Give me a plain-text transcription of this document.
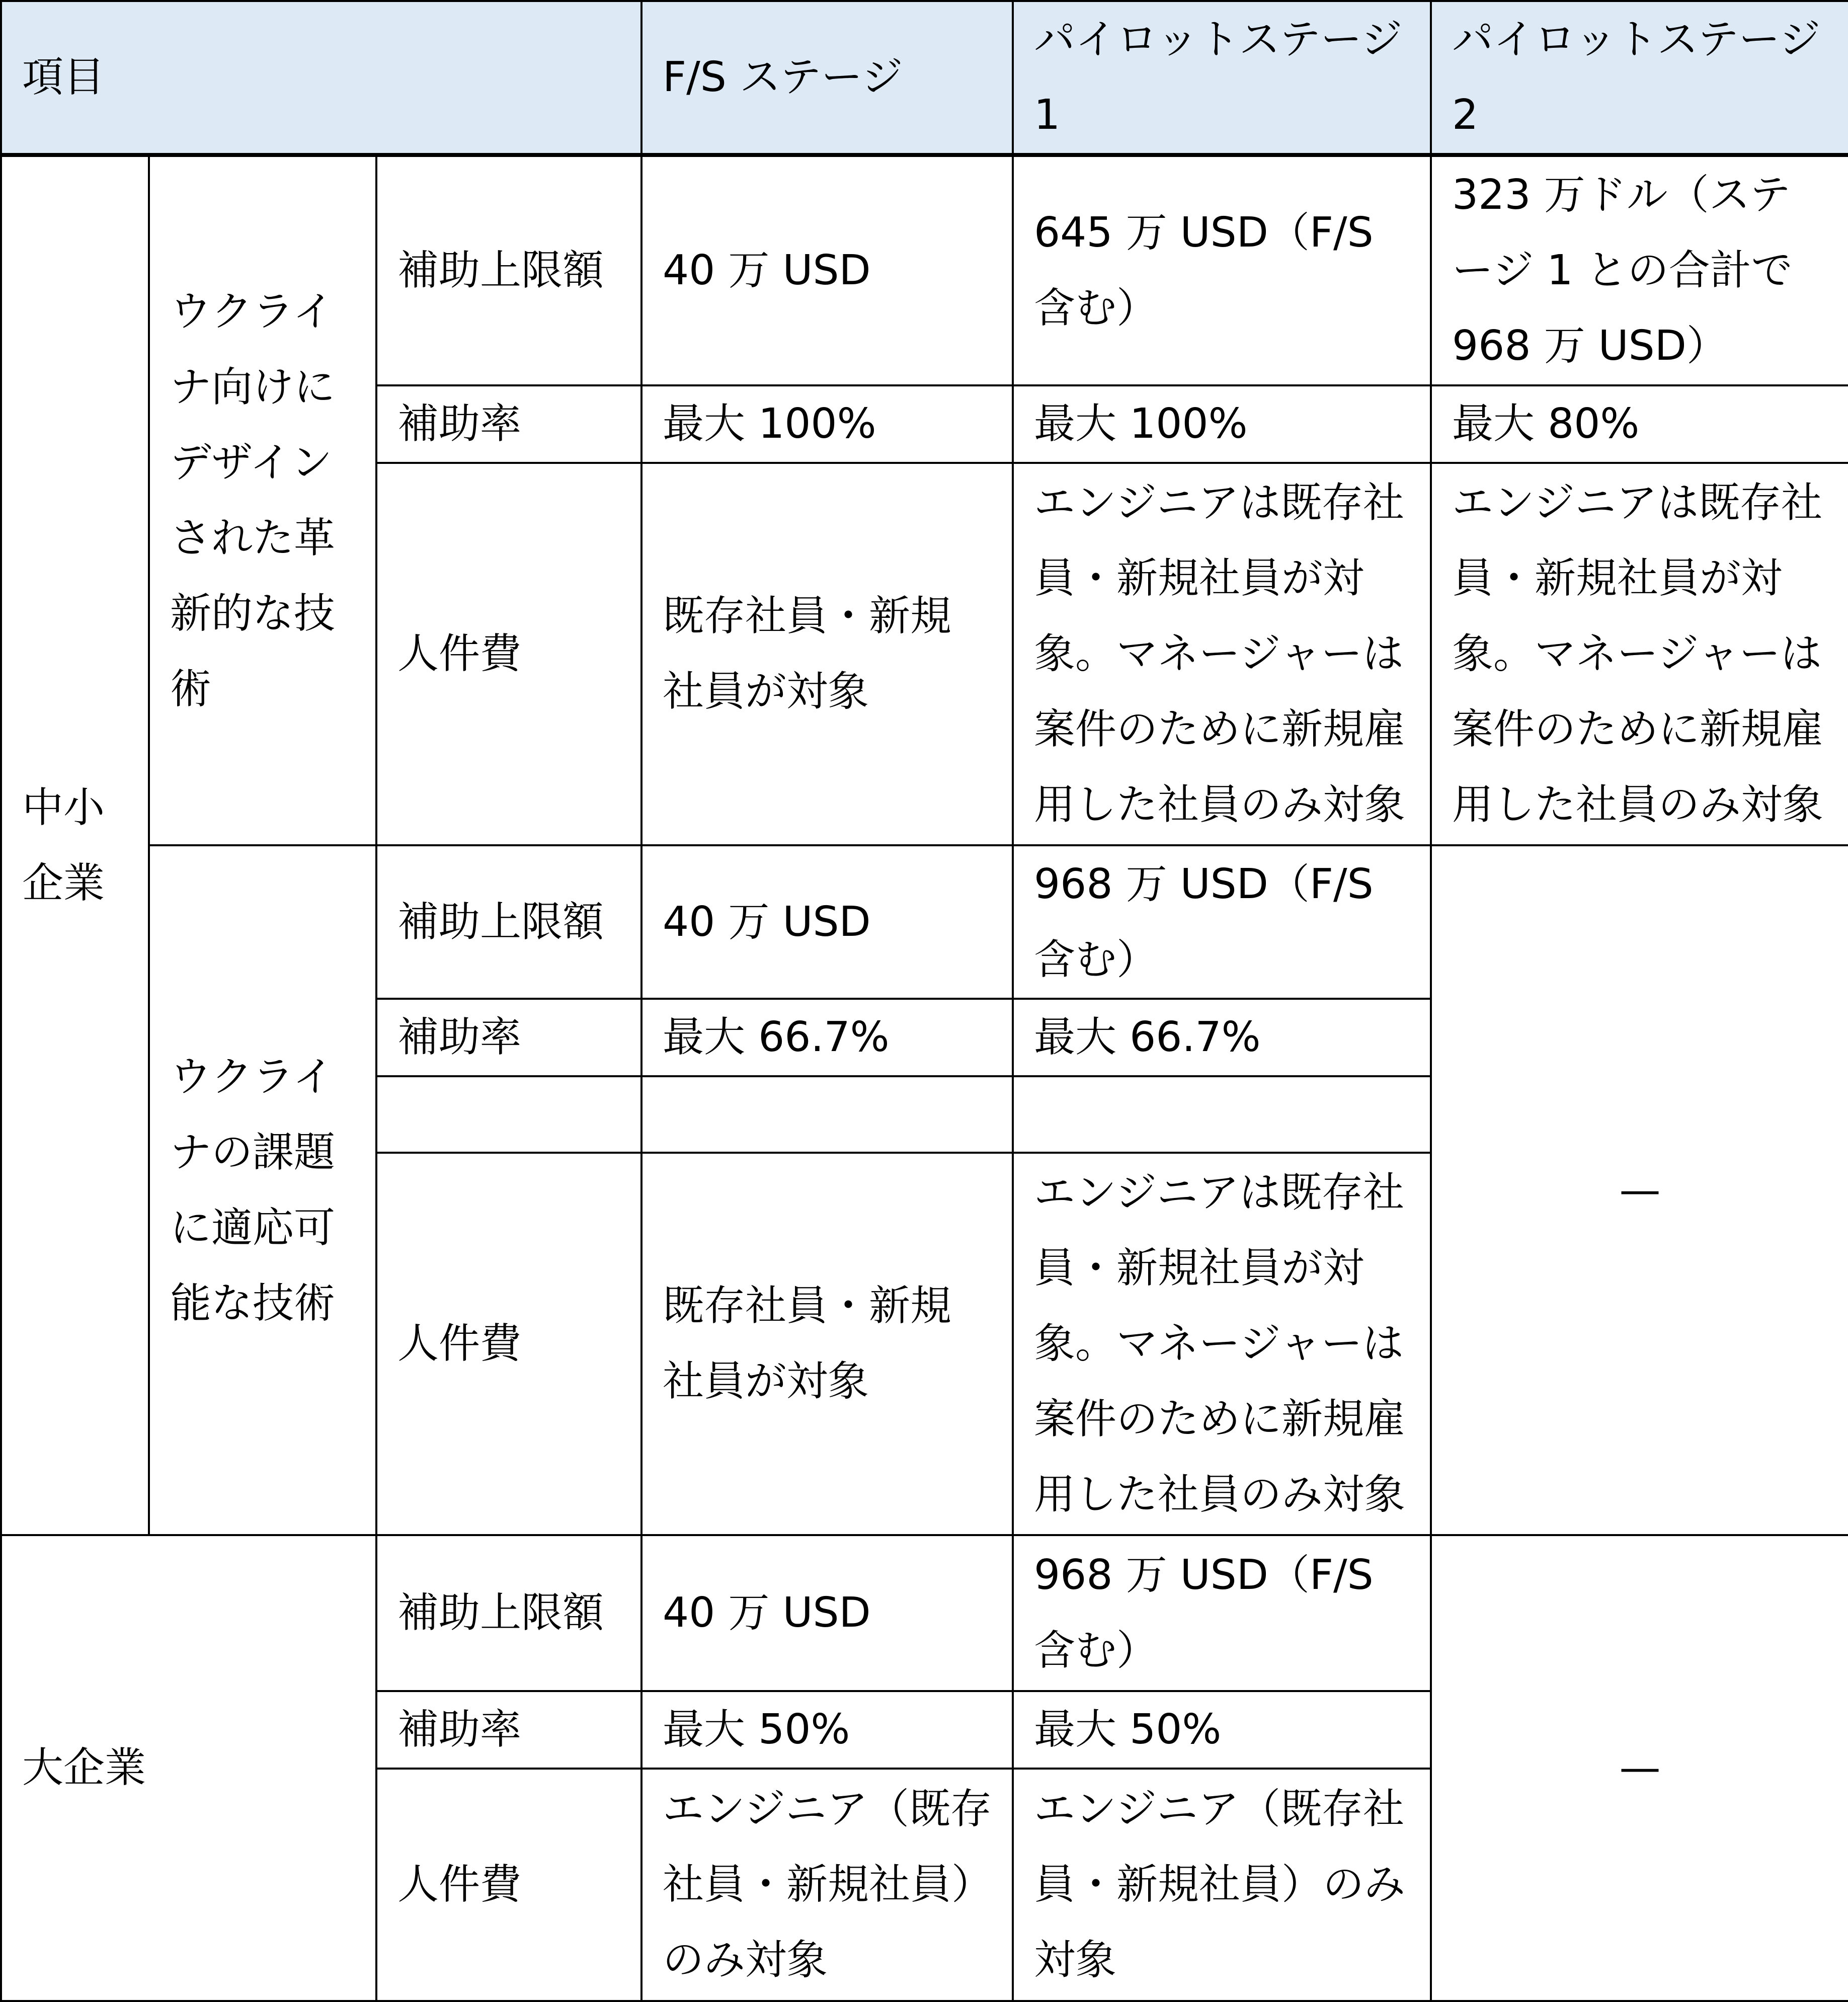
項目			F/S ステージ	パイロットステージ 1	パイロットステージ 2
中小企業	ウクライナ向けにデザインされた革新的な技術	補助上限額	40 万 USD	645 万 USD（F/S 含む）	323 万ドル（ステージ 1 との合計で 968 万 USD）
		補助率	最大 100%	最大 100%	最大 80%
		人件費	既存社員・新規社員が対象	エンジニアは既存社員・新規社員が対象。マネージャーは案件のために新規雇用した社員のみ対象	エンジニアは既存社員・新規社員が対象。マネージャーは案件のために新規雇用した社員のみ対象
	ウクライナの課題に適応可能な技術	補助上限額	40 万 USD	968 万 USD（F/S 含む）	—
		補助率	最大 66.7%	最大 66.7%	

		人件費	既存社員・新規社員が対象	エンジニアは既存社員・新規社員が対象。マネージャーは案件のために新規雇用した社員のみ対象	

大企業		補助上限額	40 万 USD	968 万 USD（F/S 含む）	—
		補助率	最大 50%	最大 50%	
		人件費	エンジニア（既存社員・新規社員）のみ対象	エンジニア（既存社員・新規社員）のみ対象	
